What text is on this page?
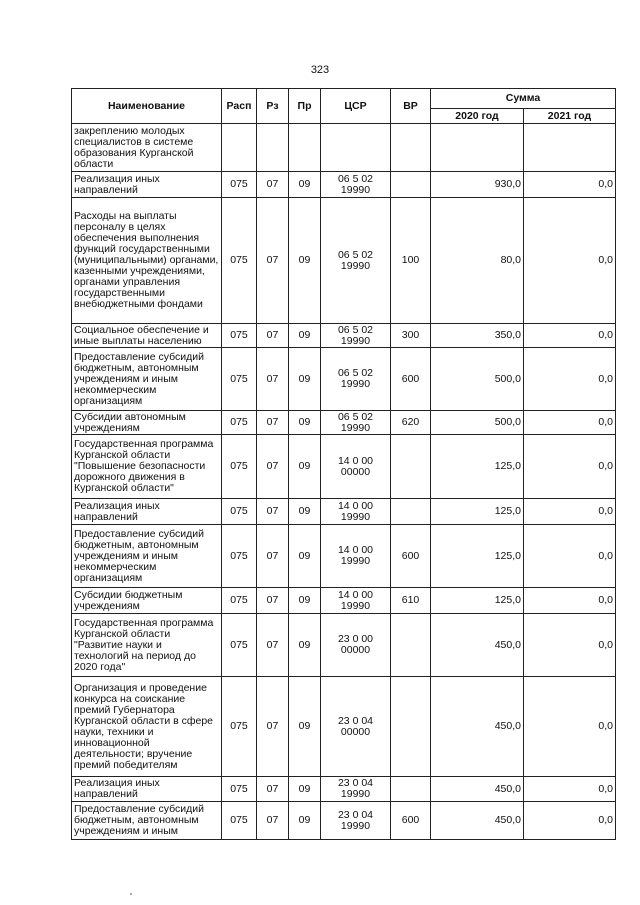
323
Наименование	Расп	Рз	Пр	ЦСР	ВР	Сумма	
						2020 год	2021 год
закреплению молодых специалистов в системе образования Курганской области							
Реализация иных направлений	075	07	09	06 5 02 19990		930,0	0,0
Расходы на выплаты персоналу в целях обеспечения выполнения функций государственными (муниципальными) органами, казенными учреждениями, органами управления государственными внебюджетными фондами	075	07	09	06 5 02 19990	100	80,0	0,0
Социальное обеспечение и иные выплаты населению	075	07	09	06 5 02 19990	300	350,0	0,0
Предоставление субсидий бюджетным, автономным учреждениям и иным некоммерческим организациям	075	07	09	06 5 02 19990	600	500,0	0,0
Субсидии автономным учреждениям	075	07	09	06 5 02 19990	620	500,0	0,0
Государственная программа Курганской области "Повышение безопасности дорожного движения в Курганской области"	075	07	09	14 0 00 00000		125,0	0,0
Реализация иных направлений	075	07	09	14 0 00 19990		125,0	0,0
Предоставление субсидий бюджетным, автономным учреждениям и иным некоммерческим организациям	075	07	09	14 0 00 19990	600	125,0	0,0
Субсидии бюджетным учреждениям	075	07	09	14 0 00 19990	610	125,0	0,0
Государственная программа Курганской области "Развитие науки и технологий на период до 2020 года"	075	07	09	23 0 00 00000		450,0	0,0
Организация и проведение конкурса на соискание премий Губернатора Курганской области в сфере науки, техники и инновационной деятельности; вручение премий победителям	075	07	09	23 0 04 00000		450,0	0,0
Реализация иных направлений	075	07	09	23 0 04 19990		450,0	0,0
Предоставление субсидий бюджетным, автономным учреждениям и иным	075	07	09	23 0 04 19990	600	450,0	0,0
